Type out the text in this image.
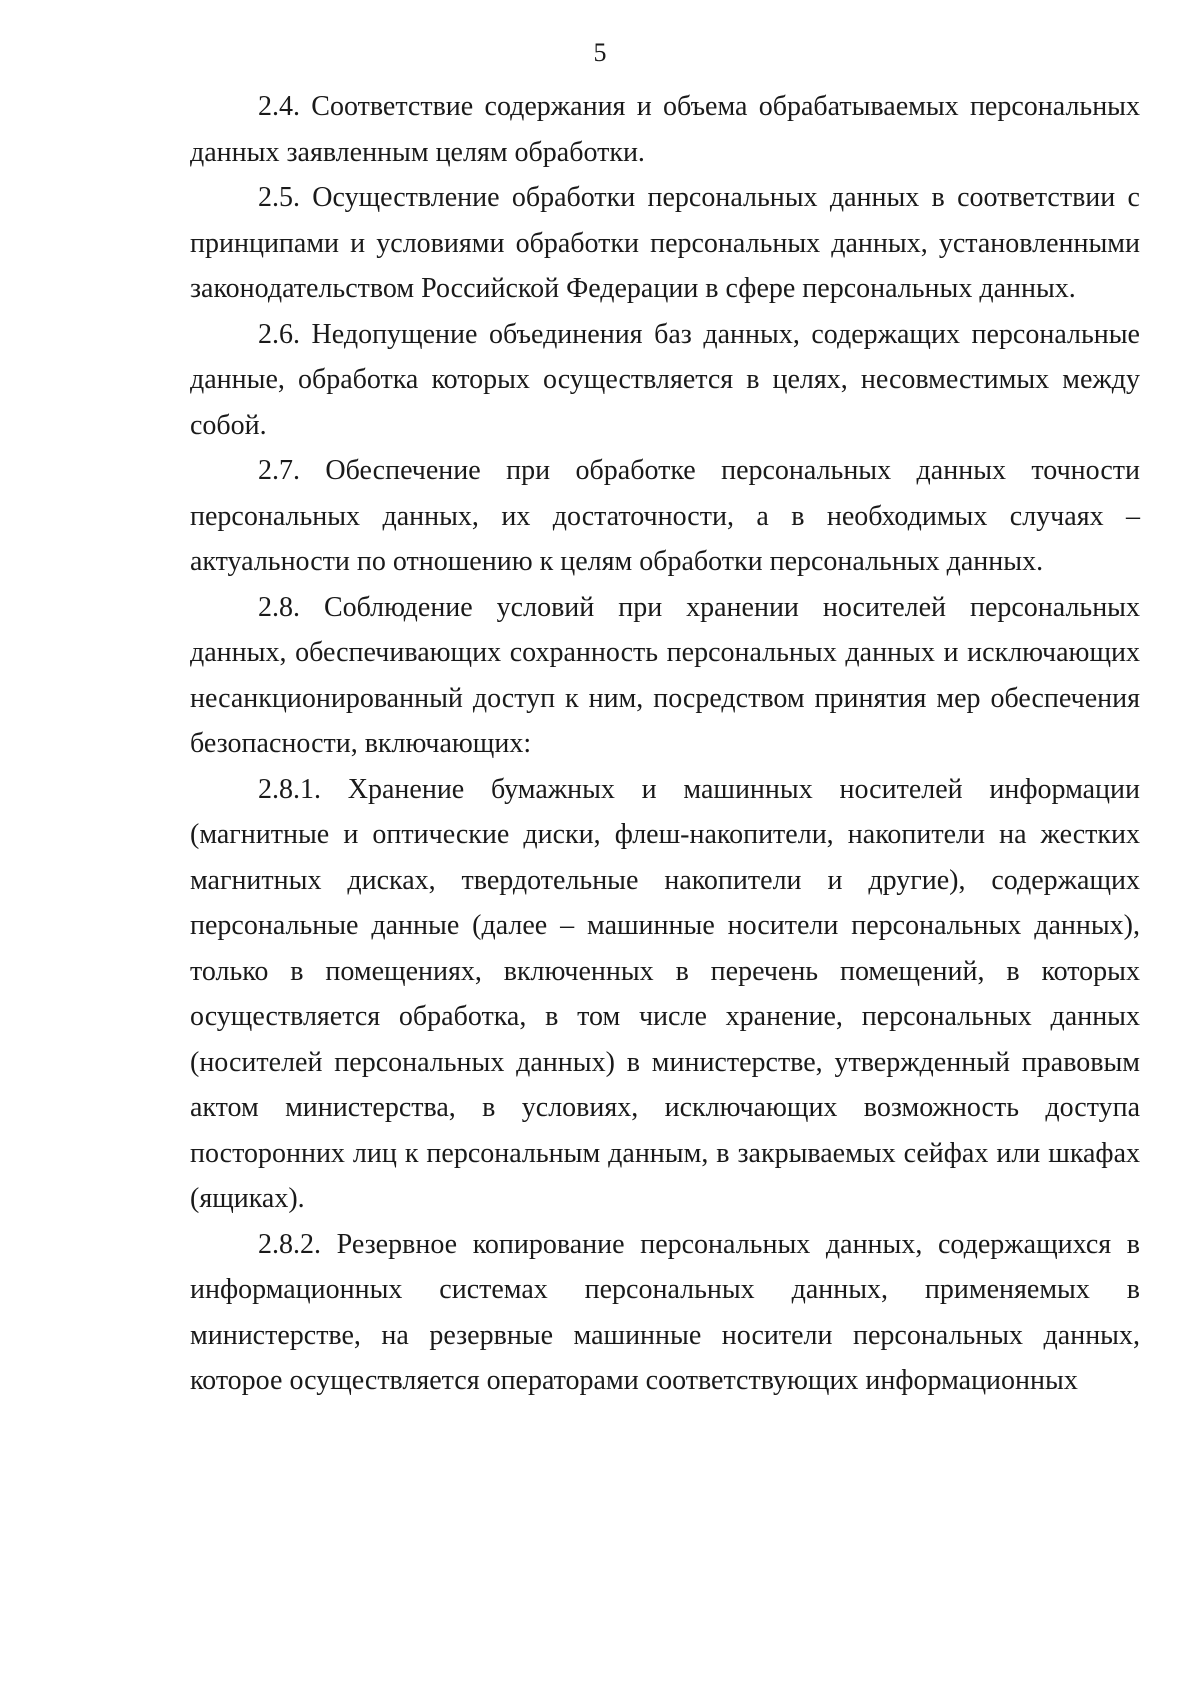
5

2.4. Соответствие содержания и объема обрабатываемых персональных данных заявленным целям обработки.

2.5. Осуществление обработки персональных данных в соответствии с принципами и условиями обработки персональных данных, установленными законодательством Российской Федерации в сфере персональных данных.

2.6. Недопущение объединения баз данных, содержащих персональные данные, обработка которых осуществляется в целях, несовместимых между собой.

2.7. Обеспечение при обработке персональных данных точности персональных данных, их достаточности, а в необходимых случаях – актуальности по отношению к целям обработки персональных данных.

2.8. Соблюдение условий при хранении носителей персональных данных, обеспечивающих сохранность персональных данных и исключающих несанкционированный доступ к ним, посредством принятия мер обеспечения безопасности, включающих:

2.8.1. Хранение бумажных и машинных носителей информации (магнитные и оптические диски, флеш-накопители, накопители на жестких магнитных дисках, твердотельные накопители и другие), содержащих персональные данные (далее – машинные носители персональных данных), только в помещениях, включенных в перечень помещений, в которых осуществляется обработка, в том числе хранение, персональных данных (носителей персональных данных) в министерстве, утвержденный правовым актом министерства, в условиях, исключающих возможность доступа посторонних лиц к персональным данным, в закрываемых сейфах или шкафах (ящиках).

2.8.2. Резервное копирование персональных данных, содержащихся в информационных системах персональных данных, применяемых в министерстве, на резервные машинные носители персональных данных, которое осуществляется операторами соответствующих информационных
